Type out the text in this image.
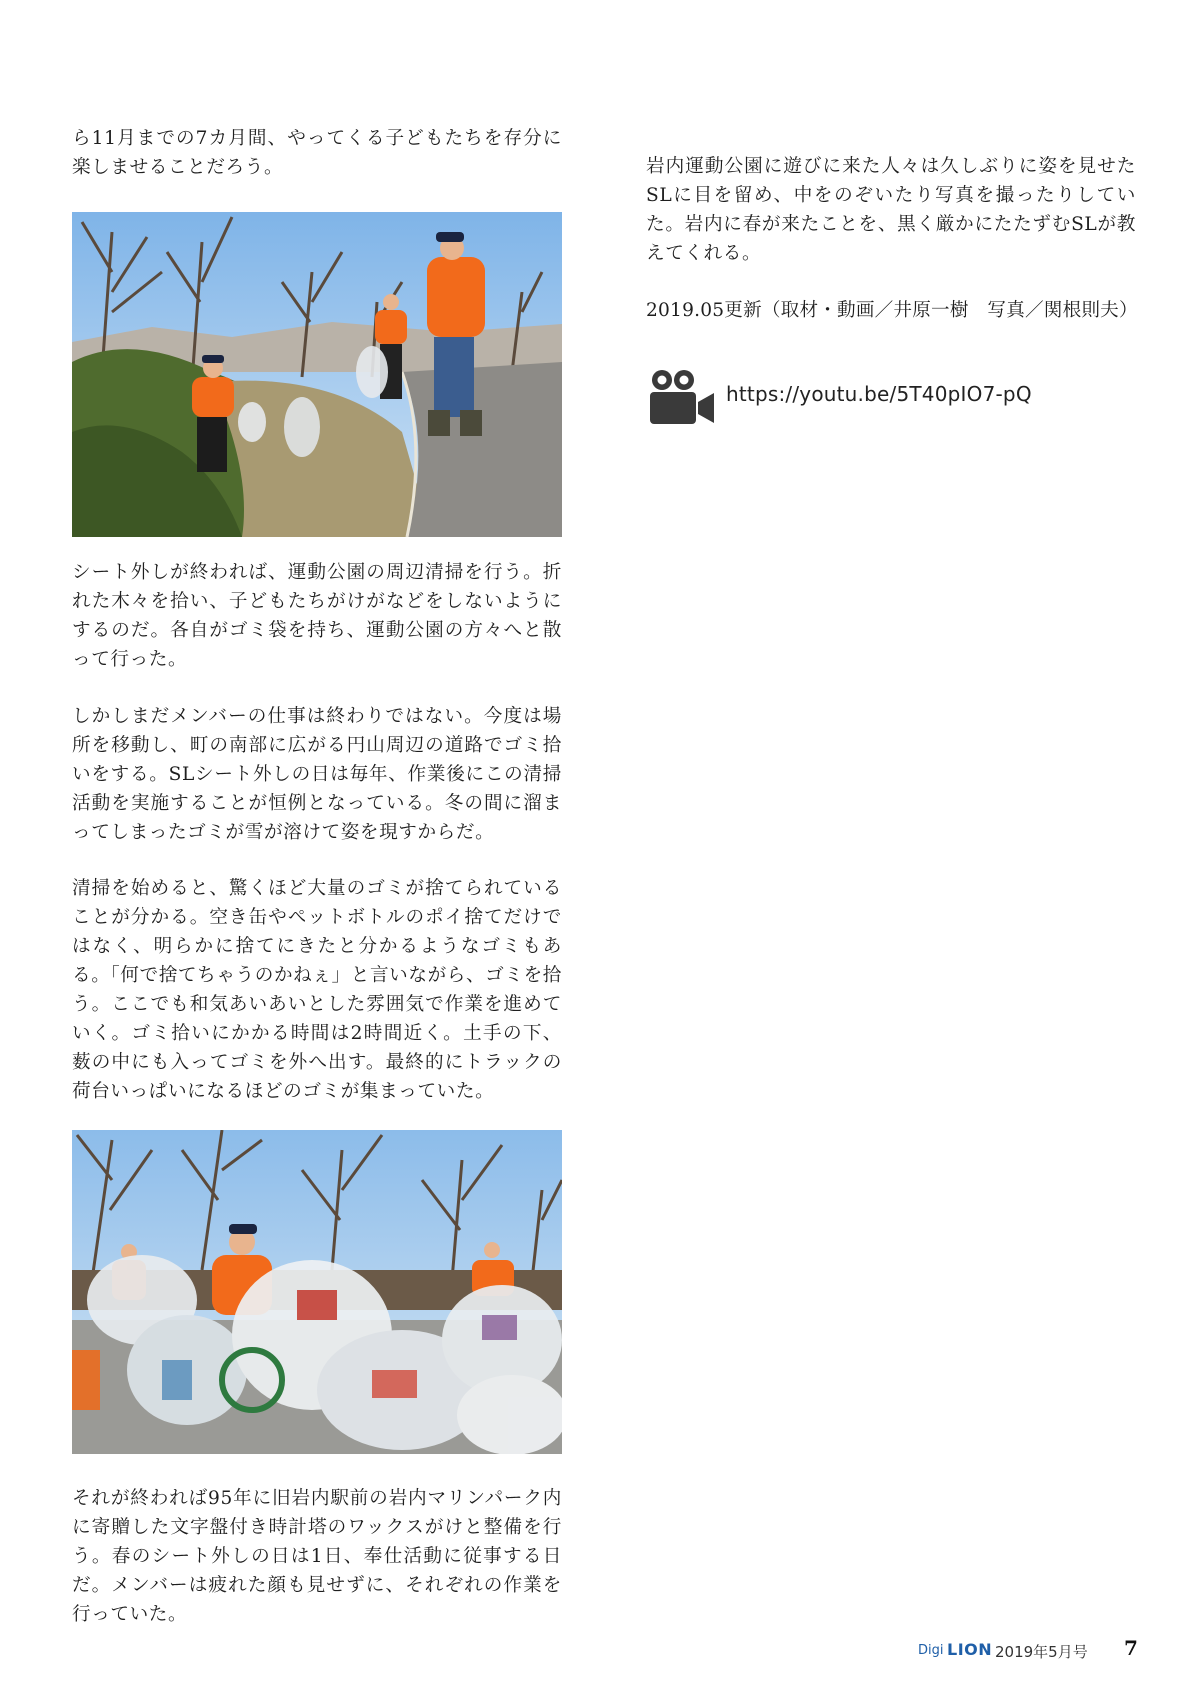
ら11月までの7カ月間、やってくる子どもたちを存分に楽しませることだろう。

シート外しが終われば、運動公園の周辺清掃を行う。折れた木々を拾い、子どもたちがけがなどをしないようにするのだ。各自がゴミ袋を持ち、運動公園の方々へと散って行った。

しかしまだメンバーの仕事は終わりではない。今度は場所を移動し、町の南部に広がる円山周辺の道路でゴミ拾いをする。SLシート外しの日は毎年、作業後にこの清掃活動を実施することが恒例となっている。冬の間に溜まってしまったゴミが雪が溶けて姿を現すからだ。

清掃を始めると、驚くほど大量のゴミが捨てられていることが分かる。空き缶やペットボトルのポイ捨てだけではなく、明らかに捨てにきたと分かるようなゴミもある。「何で捨てちゃうのかねぇ」と言いながら、ゴミを拾う。ここでも和気あいあいとした雰囲気で作業を進めていく。ゴミ拾いにかかる時間は2時間近く。土手の下、薮の中にも入ってゴミを外へ出す。最終的にトラックの荷台いっぱいになるほどのゴミが集まっていた。

それが終われば95年に旧岩内駅前の岩内マリンパーク内に寄贈した文字盤付き時計塔のワックスがけと整備を行う。春のシート外しの日は1日、奉仕活動に従事する日だ。メンバーは疲れた顔も見せずに、それぞれの作業を行っていた。

岩内運動公園に遊びに来た人々は久しぶりに姿を見せたSLに目を留め、中をのぞいたり写真を撮ったりしていた。岩内に春が来たことを、黒く厳かにたたずむSLが教えてくれる。

2019.05更新（取材・動画／井原一樹　写真／関根則夫）
https://youtu.be/5T40pIO7-pQ
Digi LION 2019年5月号 7
